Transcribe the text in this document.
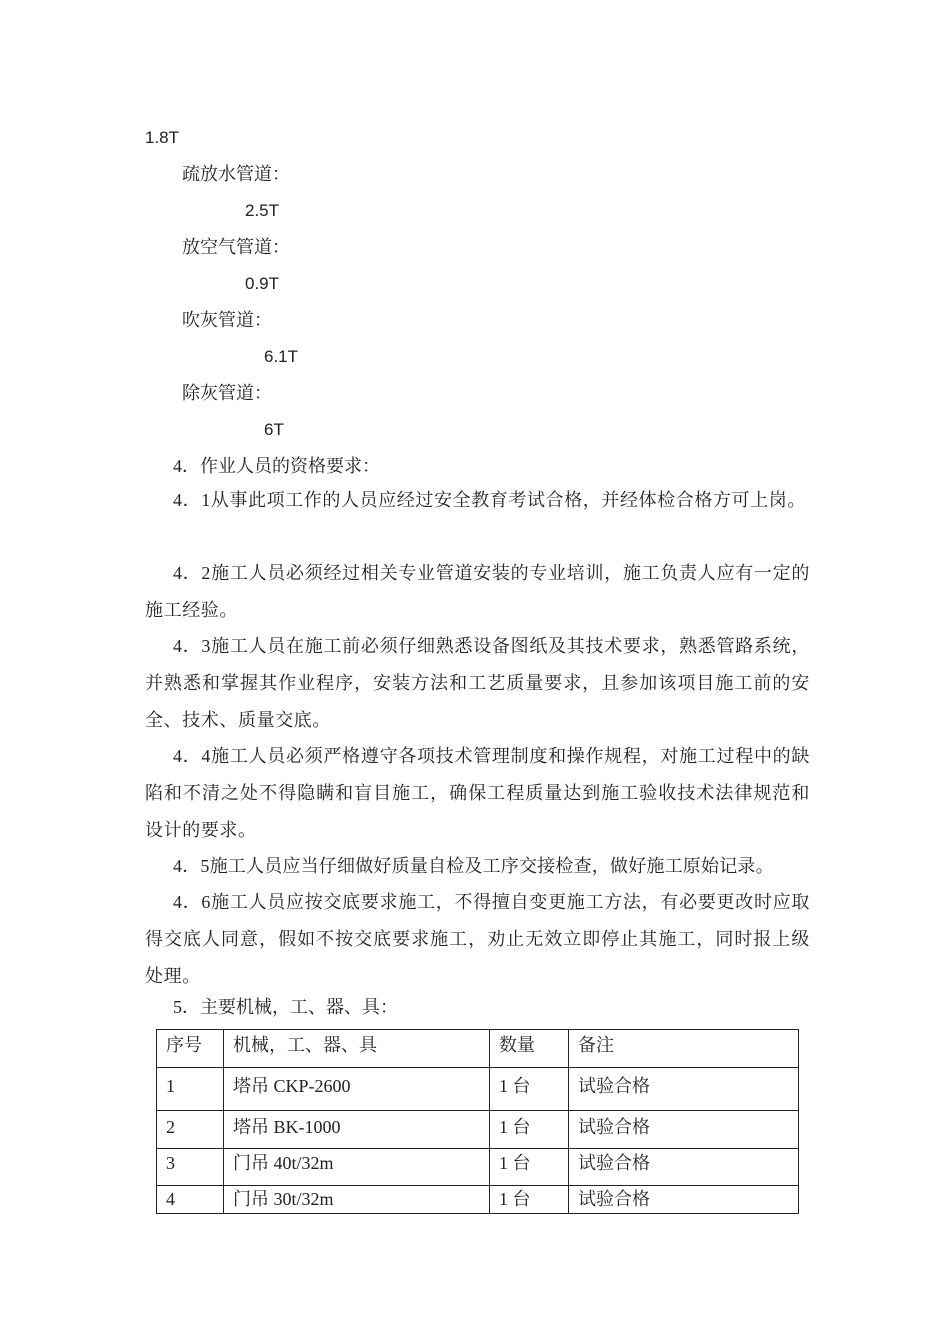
1.8T
疏放水管道：
2.5T
放空气管道：
0.9T
吹灰管道：
6.1T
除灰管道：
6T
4．作业人员的资格要求：
4．1从事此项工作的人员应经过安全教育考试合格，并经体检合格方可上岗。
4．2施工人员必须经过相关专业管道安装的专业培训，施工负责人应有一定的施工经验。
4．3施工人员在施工前必须仔细熟悉设备图纸及其技术要求，熟悉管路系统，并熟悉和掌握其作业程序，安装方法和工艺质量要求，且参加该项目施工前的安全、技术、质量交底。
4．4施工人员必须严格遵守各项技术管理制度和操作规程，对施工过程中的缺陷和不清之处不得隐瞒和盲目施工，确保工程质量达到施工验收技术法律规范和设计的要求。
4．5施工人员应当仔细做好质量自检及工序交接检查，做好施工原始记录。
4．6施工人员应按交底要求施工，不得擅自变更施工方法，有必要更改时应取得交底人同意，假如不按交底要求施工，劝止无效立即停止其施工，同时报上级处理。
5．主要机械，工、器、具：
序号	机械，工、器、具	数量	备注
1	塔吊 CKP-2600	1 台	试验合格
2	塔吊 BK-1000	1 台	试验合格
3	门吊 40t/32m	1 台	试验合格
4	门吊 30t/32m	1 台	试验合格
